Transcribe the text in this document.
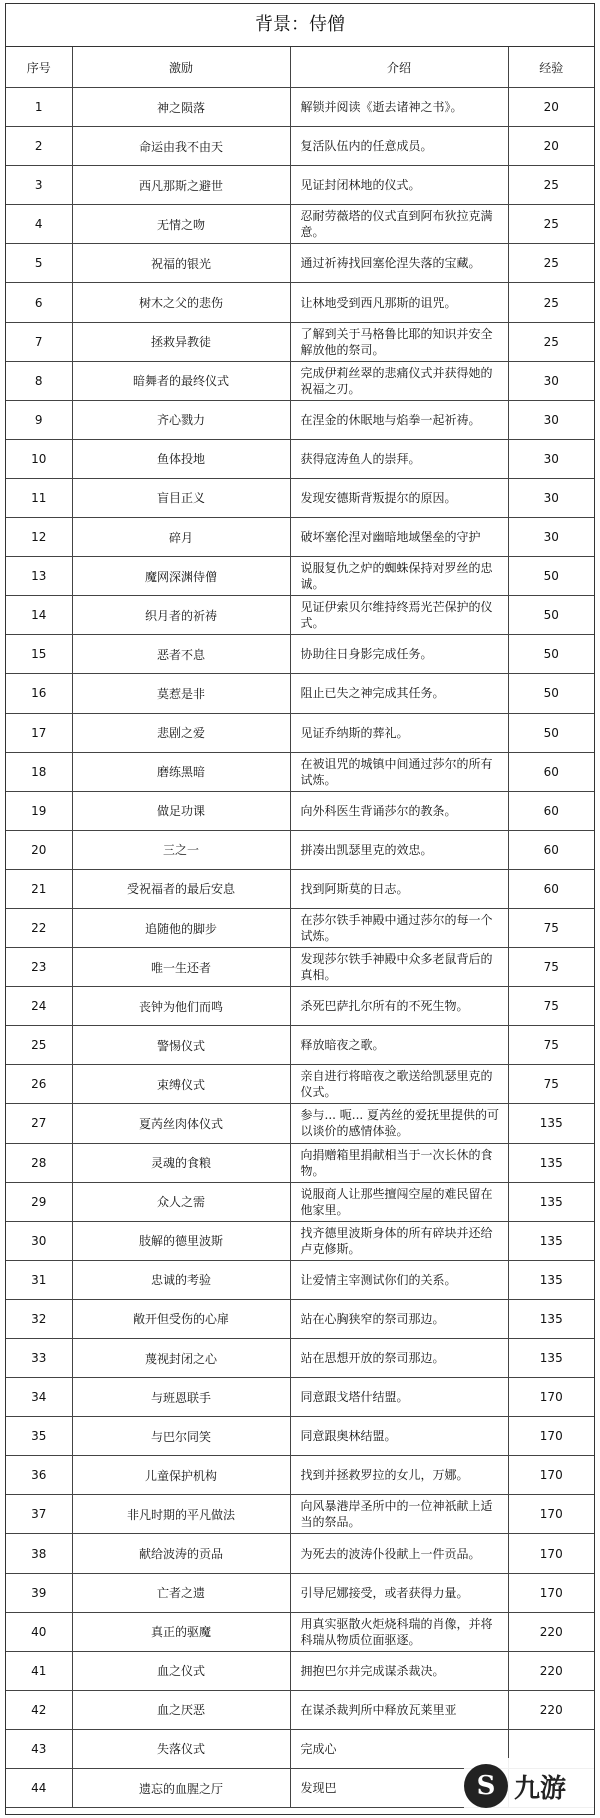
背景：侍僧
序号	激励	介绍	经验
1	神之陨落	解锁并阅读《逝去诸神之书》。	20
2	命运由我不由天	复活队伍内的任意成员。	20
3	西凡那斯之避世	见证封闭林地的仪式。	25
4	无情之吻	忍耐劳薇塔的仪式直到阿布狄拉克满意。	25
5	祝福的银光	通过祈祷找回塞伦涅失落的宝藏。	25
6	树木之父的悲伤	让林地受到西凡那斯的诅咒。	25
7	拯救异教徒	了解到关于马格鲁比耶的知识并安全解放他的祭司。	25
8	暗舞者的最终仪式	完成伊莉丝翠的悲痛仪式并获得她的祝福之刃。	30
9	齐心戮力	在涅金的休眠地与焰拳一起祈祷。	30
10	鱼体投地	获得寇涛鱼人的崇拜。	30
11	盲目正义	发现安德斯背叛提尔的原因。	30
12	碎月	破坏塞伦涅对幽暗地域堡垒的守护	30
13	魔网深渊侍僧	说服复仇之炉的蜘蛛保持对罗丝的忠诚。	50
14	织月者的祈祷	见证伊索贝尔维持终焉光芒保护的仪式。	50
15	恶者不息	协助往日身影完成任务。	50
16	莫惹是非	阻止已失之神完成其任务。	50
17	悲剧之爱	见证乔纳斯的葬礼。	50
18	磨练黑暗	在被诅咒的城镇中间通过莎尔的所有试炼。	60
19	做足功课	向外科医生背诵莎尔的教条。	60
20	三之一	拼凑出凯瑟里克的效忠。	60
21	受祝福者的最后安息	找到阿斯莫的日志。	60
22	追随他的脚步	在莎尔铁手神殿中通过莎尔的每一个试炼。	75
23	唯一生还者	发现莎尔铁手神殿中众多老鼠背后的真相。	75
24	丧钟为他们而鸣	杀死巴萨扎尔所有的不死生物。	75
25	警惕仪式	释放暗夜之歌。	75
26	束缚仪式	亲自进行将暗夜之歌送给凯瑟里克的仪式。	75
27	夏芮丝肉体仪式	参与... 呃... 夏芮丝的爱抚里提供的可以谈价的感情体验。	135
28	灵魂的食粮	向捐赠箱里捐献相当于一次长休的食物。	135
29	众人之需	说服商人让那些擅闯空屋的难民留在他家里。	135
30	肢解的德里波斯	找齐德里波斯身体的所有碎块并还给卢克修斯。	135
31	忠诚的考验	让爱情主宰测试你们的关系。	135
32	敞开但受伤的心扉	站在心胸狭窄的祭司那边。	135
33	蔑视封闭之心	站在思想开放的祭司那边。	135
34	与班恩联手	同意跟戈塔什结盟。	170
35	与巴尔同笑	同意跟奥林结盟。	170
36	儿童保护机构	找到并拯救罗拉的女儿，万娜。	170
37	非凡时期的平凡做法	向风暴港岸圣所中的一位神祇献上适当的祭品。	170
38	献给波涛的贡品	为死去的波涛仆役献上一件贡品。	170
39	亡者之遗	引导尼娜接受，或者获得力量。	170
40	真正的驱魔	用真实驱散火炬烧科瑞的肖像，并将科瑞从物质位面驱逐。	220
41	血之仪式	拥抱巴尔并完成谋杀裁决。	220
42	血之厌恶	在谋杀裁判所中释放瓦莱里亚	220
43	失落仪式	完成心	
44	遗忘的血腥之厅	发现巴		S 九游
